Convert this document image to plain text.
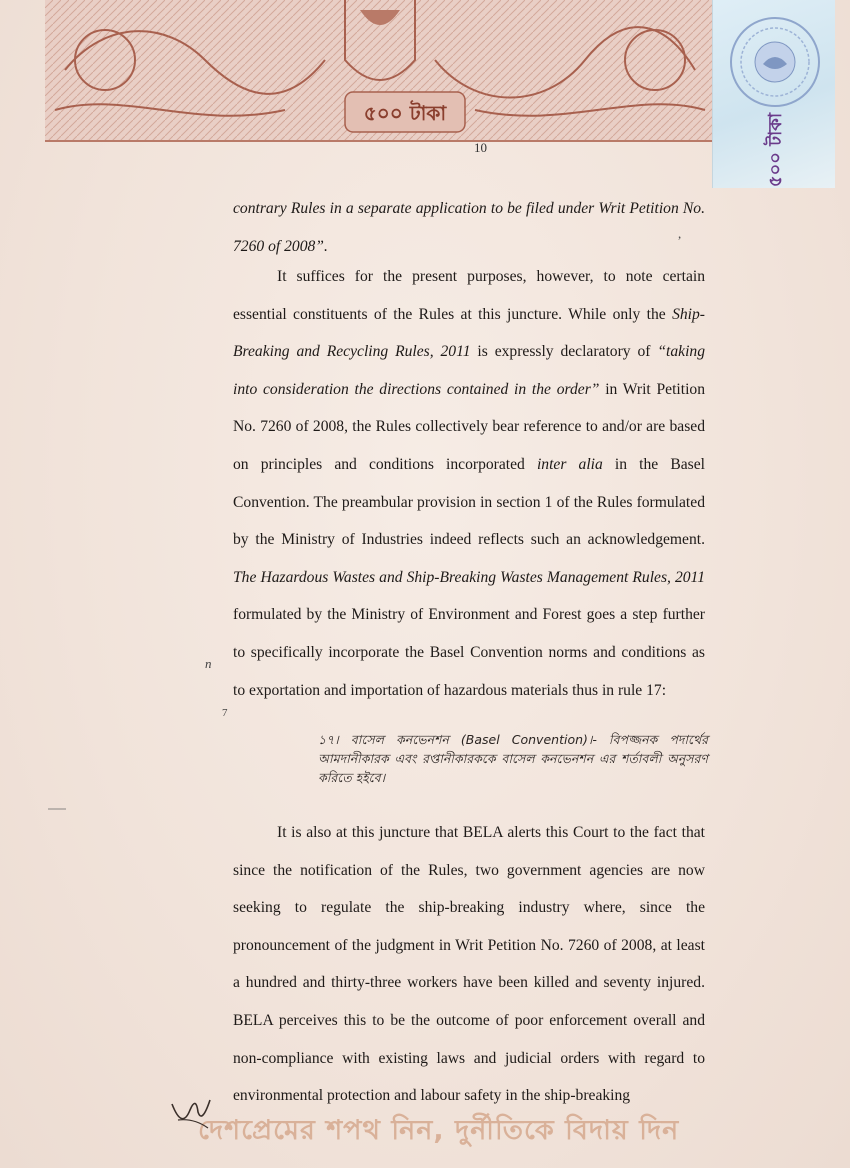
৫০০ টাকা	৫০০ টাকা
10

contrary Rules in a separate application to be filed under Writ Petition No. 7260 of 2008”.

It suffices for the present purposes, however, to note certain essential constituents of the Rules at this juncture. While only the Ship-Breaking and Recycling Rules, 2011 is expressly declaratory of “taking into consideration the directions contained in the order” in Writ Petition No. 7260 of 2008, the Rules collectively bear reference to and/or are based on principles and conditions incorporated inter alia in the Basel Convention. The preambular provision in section 1 of the Rules formulated by the Ministry of Industries indeed reflects such an acknowledgement. The Hazardous Wastes and Ship-Breaking Wastes Management Rules, 2011 formulated by the Ministry of Environment and Forest goes a step further to specifically incorporate the Basel Convention norms and conditions as to exportation and importation of hazardous materials thus in rule 17:

১৭। বাসেল কনভেনশন (Basel Convention)।- বিপজ্জনক পদার্থের আমদানীকারক এবং রপ্তানীকারককে বাসেল কনভেনশন এর শর্তাবলী অনুসরণ করিতে হইবে।

It is also at this juncture that BELA alerts this Court to the fact that since the notification of the Rules, two government agencies are now seeking to regulate the ship-breaking industry where, since the pronouncement of the judgment in Writ Petition No. 7260 of 2008, at least a hundred and thirty-three workers have been killed and seventy injured. BELA perceives this to be the outcome of poor enforcement overall and non-compliance with existing laws and judicial orders with regard to environmental protection and labour safety in the ship-breaking

n
7
,
দেশপ্রেমের শপথ নিন, দুর্নীতিকে বিদায় দিন
